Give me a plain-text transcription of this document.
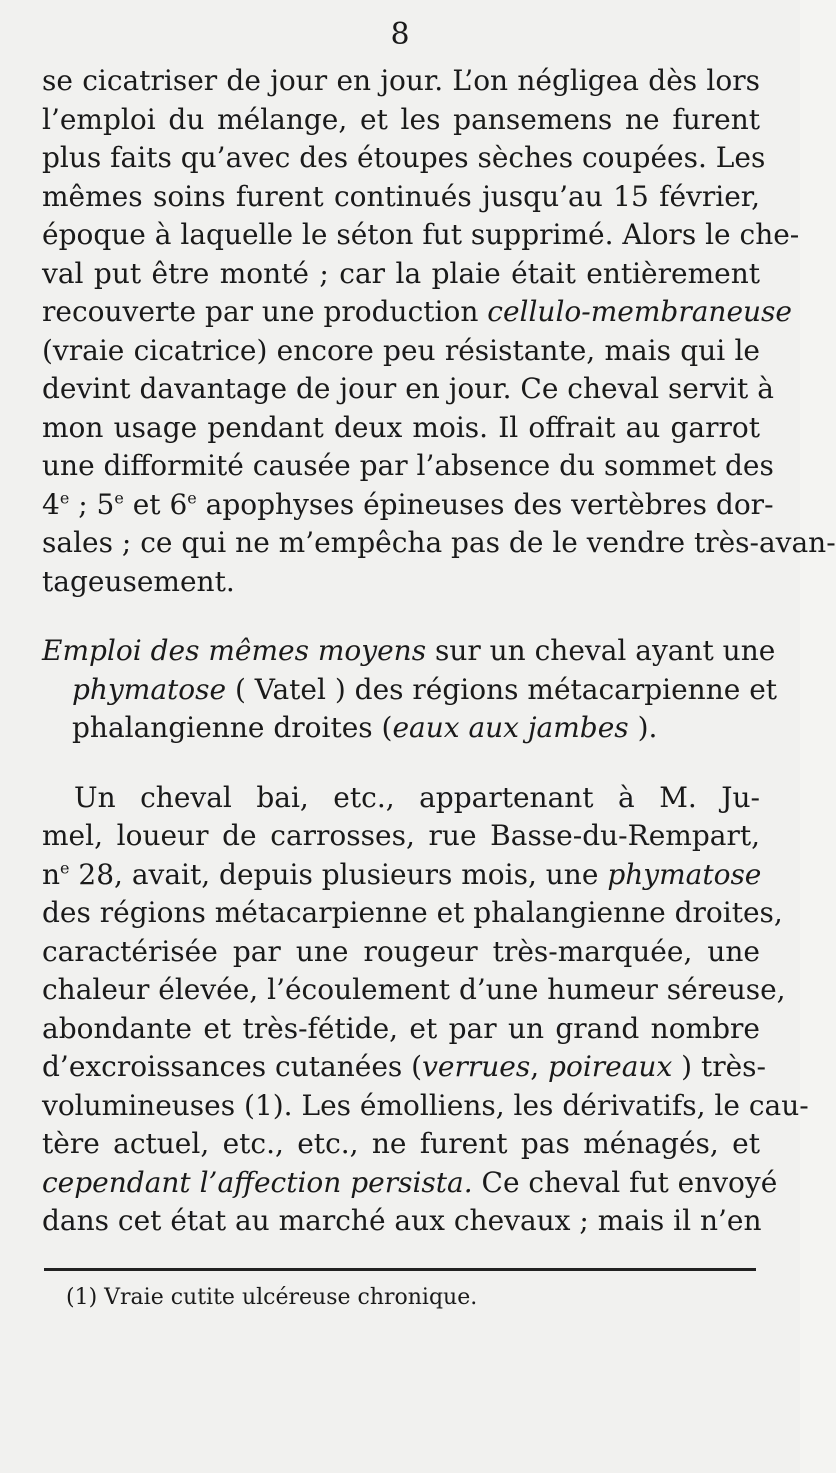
8
se cicatriser de jour en jour. L’on négligea dès lors
l’emploi du mélange, et les pansemens ne furent
plus faits qu’avec des étoupes sèches coupées. Les
mêmes soins furent continués jusqu’au 15 février,
époque à laquelle le séton fut supprimé. Alors le che-
val put être monté ; car la plaie était entièrement
recouverte par une production cellulo-membraneuse
(vraie cicatrice) encore peu résistante, mais qui le
devint davantage de jour en jour. Ce cheval servit à
mon usage pendant deux mois. Il offrait au garrot
une difformité causée par l’absence du sommet des
4e ; 5e et 6e apophyses épineuses des vertèbres dor-
sales ; ce qui ne m’empêcha pas de le vendre très-avan-
tageusement.
Emploi des mêmes moyens sur un cheval ayant une
phymatose ( Vatel ) des régions métacarpienne et
phalangienne droites (eaux aux jambes ).
Un cheval bai, etc., appartenant à M. Ju-
mel, loueur de carrosses, rue Basse-du-Rempart,
$n^e$ 28, avait, depuis plusieurs mois, une phymatose
des régions métacarpienne et phalangienne droites,
caractérisée par une rougeur très-marquée, une
chaleur élevée, l’écoulement d’une humeur séreuse,
abondante et très-fétide, et par un grand nombre
d’excroissances cutanées (verrues, poireaux ) très-
volumineuses (1). Les émolliens, les dérivatifs, le cau-
tère actuel, etc., etc., ne furent pas ménagés, et
cependant l’affection persista. Ce cheval fut envoyé
dans cet état au marché aux chevaux ; mais il n’en
(1) Vraie cutite ulcéreuse chronique.
